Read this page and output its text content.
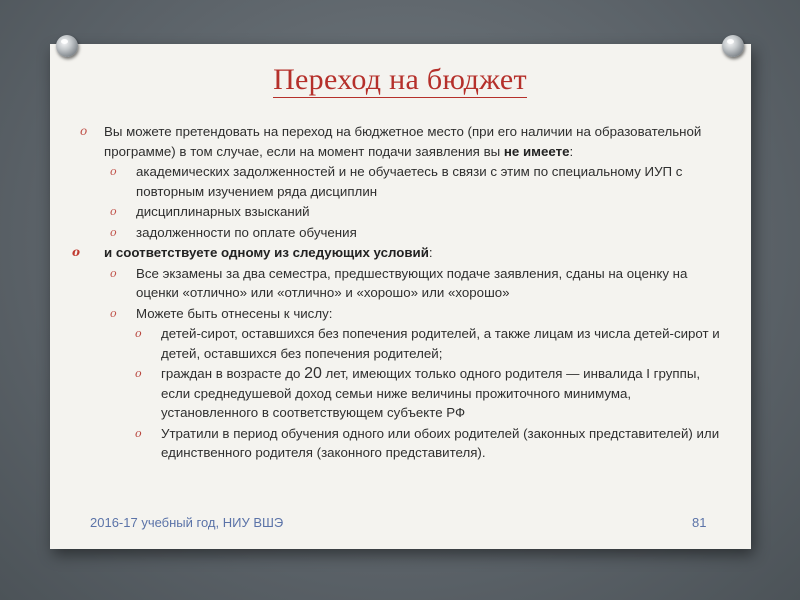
Переход на бюджет
o Вы можете претендовать на переход на бюджетное место (при его наличии на образовательной программе) в том случае, если на момент подачи заявления вы не имеете:
o академических задолженностей и не обучаетесь в связи с этим по специальному ИУП с повторным изучением ряда дисциплин
o дисциплинарных взысканий
o задолженности по оплате обучения
o и соответствуете одному из следующих условий:
o Все экзамены за два семестра, предшествующих подаче заявления, сданы на оценку на оценки «отлично» или «отлично» и «хорошо» или «хорошо»
o Можете быть отнесены к числу:
o детей-сирот, оставшихся без попечения родителей, а также лицам из числа детей-сирот и детей, оставшихся без попечения родителей;
o граждан в возрасте до 20 лет, имеющих только одного родителя — инвалида I группы, если среднедушевой доход семьи ниже величины прожиточного минимума, установленного в соответствующем субъекте РФ
o Утратили в период обучения одного или обоих родителей (законных представителей) или единственного родителя (законного представителя).
2016-17 учебный год, НИУ ВШЭ	81
